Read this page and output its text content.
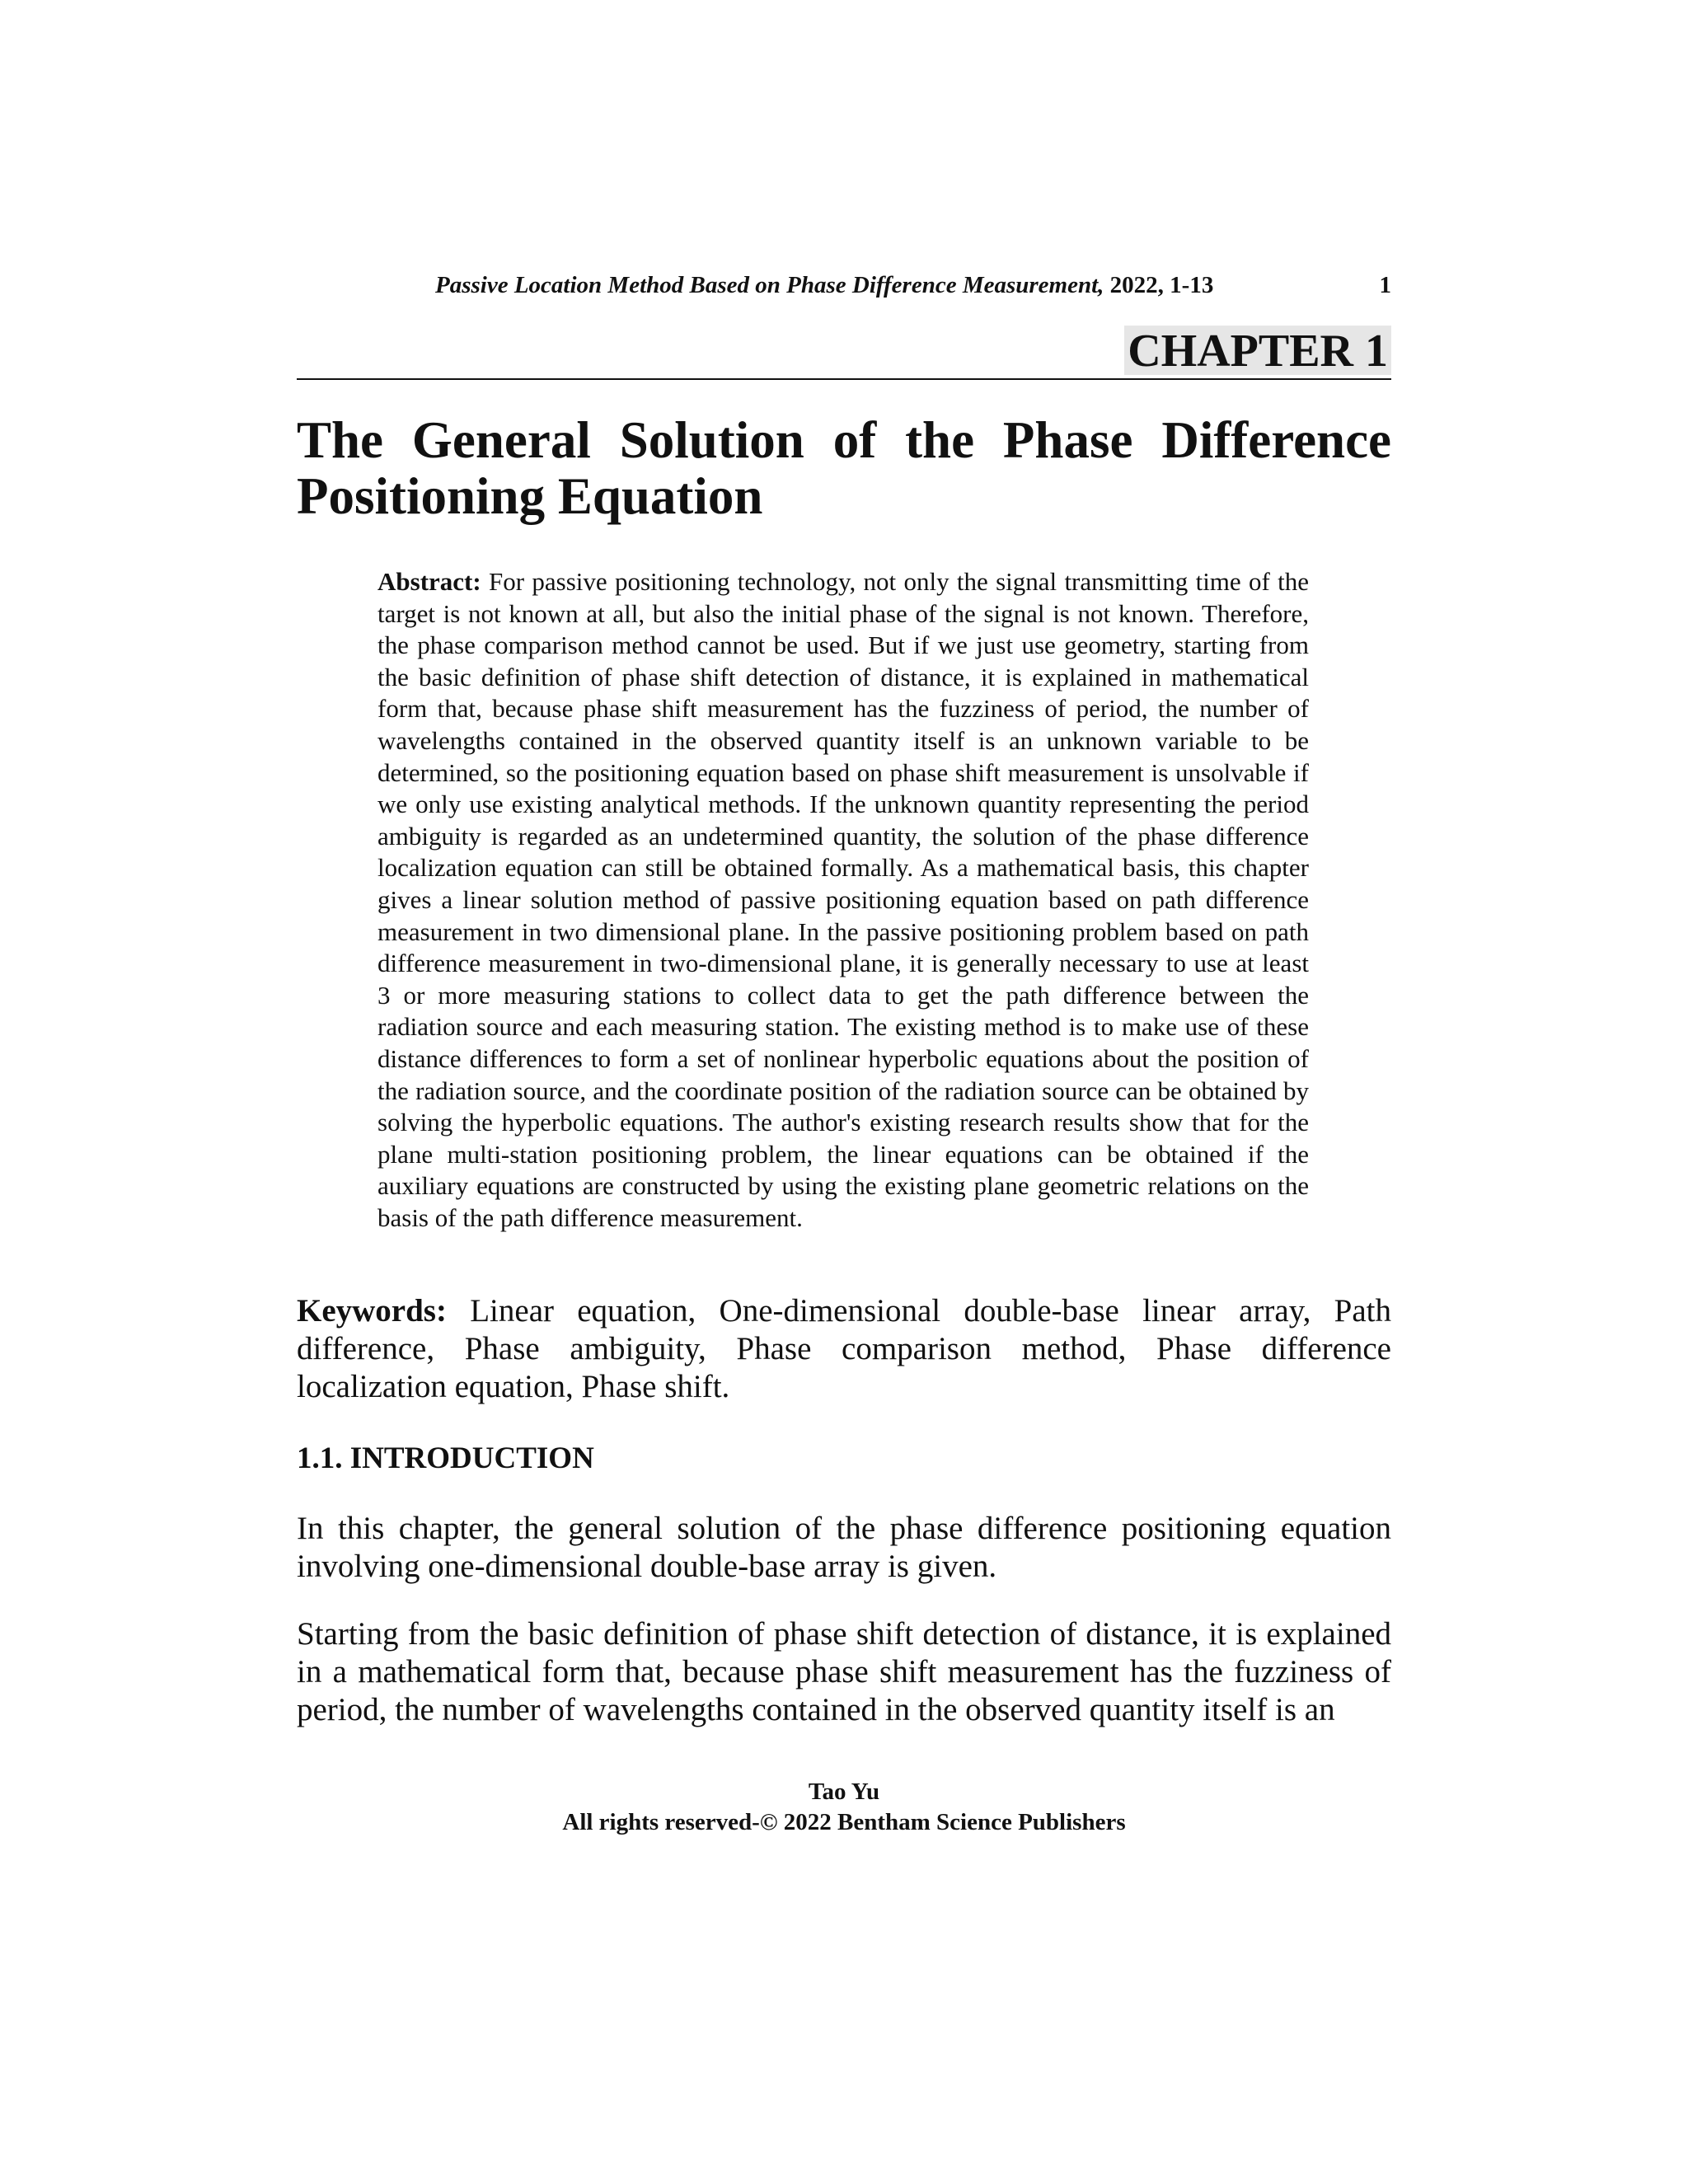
Passive Location Method Based on Phase Difference Measurement, 2022, 1-13	1
CHAPTER 1
The General Solution of the Phase Difference Positioning Equation

Abstract: For passive positioning technology, not only the signal transmitting time of the target is not known at all, but also the initial phase of the signal is not known. Therefore, the phase comparison method cannot be used. But if we just use geometry, starting from the basic definition of phase shift detection of distance, it is explained in mathematical form that, because phase shift measurement has the fuzziness of period, the number of wavelengths contained in the observed quantity itself is an unknown variable to be determined, so the positioning equation based on phase shift measurement is unsolvable if we only use existing analytical methods. If the unknown quantity representing the period ambiguity is regarded as an undetermined quantity, the solution of the phase difference localization equation can still be obtained formally. As a mathematical basis, this chapter gives a linear solution method of passive positioning equation based on path difference measurement in two dimensional plane. In the passive positioning problem based on path difference measurement in two-dimensional plane, it is generally necessary to use at least 3 or more measuring stations to collect data to get the path difference between the radiation source and each measuring station. The existing method is to make use of these distance differences to form a set of nonlinear hyperbolic equations about the position of the radiation source, and the coordinate position of the radiation source can be obtained by solving the hyperbolic equations. The author's existing research results show that for the plane multi-station positioning problem, the linear equations can be obtained if the auxiliary equations are constructed by using the existing plane geometric relations on the basis of the path difference measurement.

Keywords: Linear equation, One-dimensional double-base linear array, Path difference, Phase ambiguity, Phase comparison method, Phase difference localization equation, Phase shift.

1.1. INTRODUCTION

In this chapter, the general solution of the phase difference positioning equation involving one-dimensional double-base array is given.

Starting from the basic definition of phase shift detection of distance, it is explained in a mathematical form that, because phase shift measurement has the fuzziness of period, the number of wavelengths contained in the observed quantity itself is an

Tao Yu
All rights reserved-© 2022 Bentham Science Publishers
